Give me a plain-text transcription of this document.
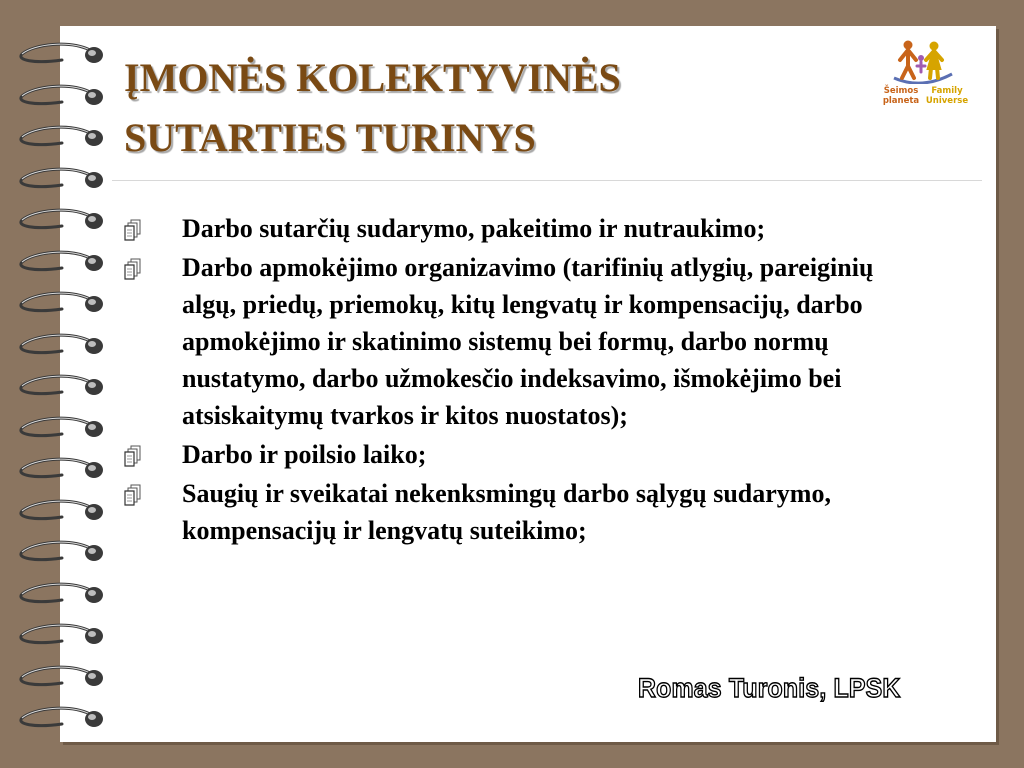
ĮMONĖS KOLEKTYVINĖS
SUTARTIES TURINYS
Šeimos
planeta
Family
Universe
Darbo sutarčių sudarymo, pakeitimo ir nutraukimo;
Darbo apmokėjimo organizavimo (tarifinių atlygių, pareiginių algų, priedų, priemokų, kitų lengvatų ir kompensacijų, darbo apmokėjimo ir skatinimo sistemų bei formų, darbo normų nustatymo, darbo užmokesčio indeksavimo, išmokėjimo bei atsiskaitymų tvarkos ir kitos nuostatos);
Darbo ir poilsio laiko;
Saugių ir sveikatai nekenksmingų darbo sąlygų sudarymo, kompensacijų ir lengvatų suteikimo;
Romas Turonis, LPSK
